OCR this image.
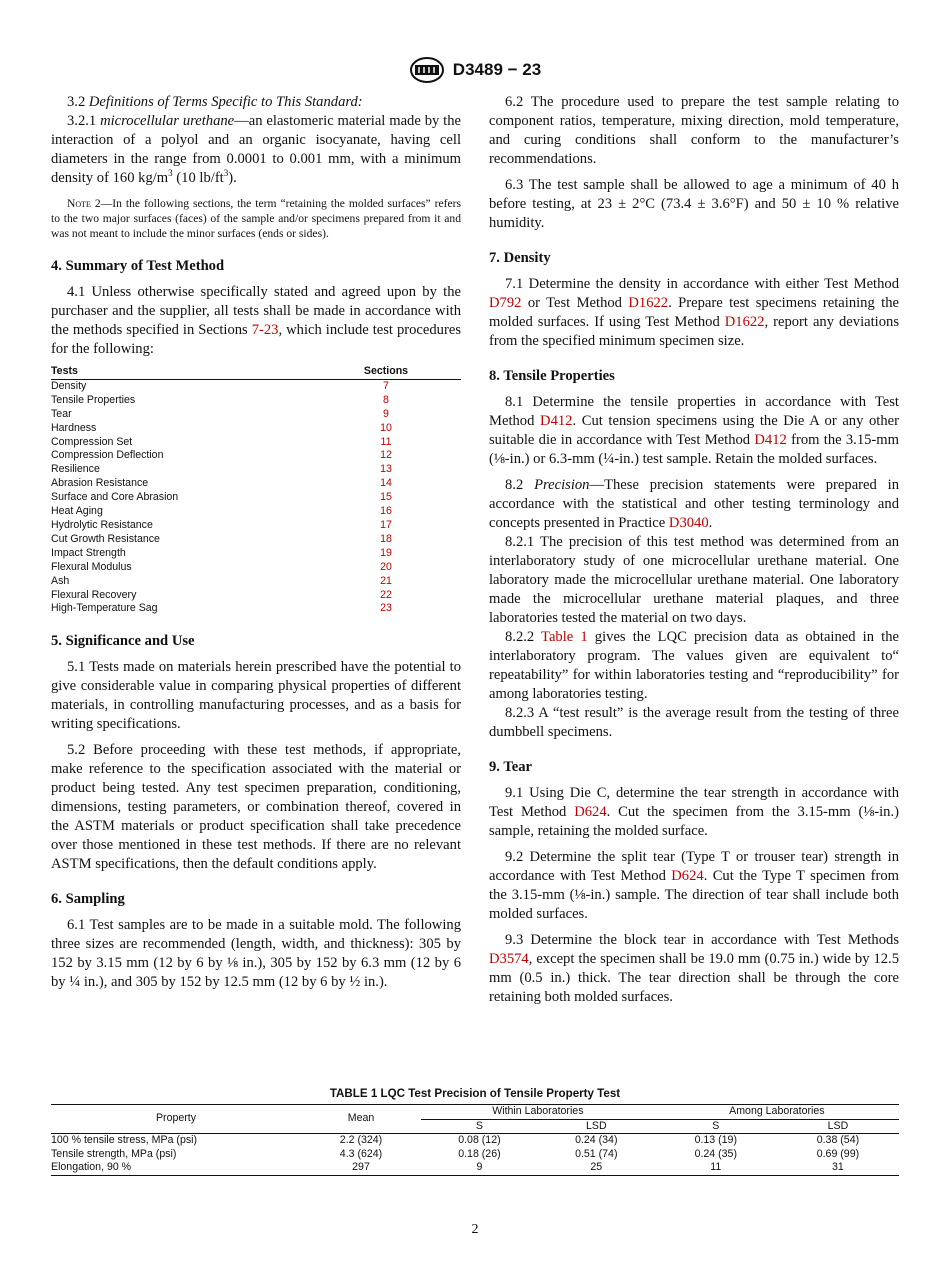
D3489 − 23

3.2 Definitions of Terms Specific to This Standard:

3.2.1 microcellular urethane—an elastomeric material made by the interaction of a polyol and an organic isocyanate, having cell diameters in the range from 0.0001 to 0.001 mm, with a minimum density of 160 $kg/m^3$ (10 $lb/ft^3$).

Note 2—In the following sections, the term “retaining the molded surfaces” refers to the two major surfaces (faces) of the sample and/or specimens prepared from it and was not meant to include the minor surfaces (ends or sides).

4. Summary of Test Method

4.1 Unless otherwise specifically stated and agreed upon by the purchaser and the supplier, all tests shall be made in accordance with the methods specified in Sections 7-23, which include test procedures for the following:

Tests	Sections
Density	7
Tensile Properties	8
Tear	9
Hardness	10
Compression Set	11
Compression Deflection	12
Resilience	13
Abrasion Resistance	14
Surface and Core Abrasion	15
Heat Aging	16
Hydrolytic Resistance	17
Cut Growth Resistance	18
Impact Strength	19
Flexural Modulus	20
Ash	21
Flexural Recovery	22
High-Temperature Sag	23
5. Significance and Use

5.1 Tests made on materials herein prescribed have the potential to give considerable value in comparing physical properties of different materials, in controlling manufacturing processes, and as a basis for writing specifications.

5.2 Before proceeding with these test methods, if appropriate, make reference to the specification associated with the material or product being tested. Any test specimen preparation, conditioning, dimensions, testing parameters, or combination thereof, covered in the ASTM materials or product specification shall take precedence over those mentioned in these test methods. If there are no relevant ASTM specifications, then the default conditions apply.

6. Sampling

6.1 Test samples are to be made in a suitable mold. The following three sizes are recommended (length, width, and thickness): 305 by 152 by 3.15 mm (12 by 6 by ⅛ in.), 305 by 152 by 6.3 mm (12 by 6 by ¼ in.), and 305 by 152 by 12.5 mm (12 by 6 by ½ in.).

6.2 The procedure used to prepare the test sample relating to component ratios, temperature, mixing direction, mold temperature, and curing conditions shall conform to the manufacturer’s recommendations.

6.3 The test sample shall be allowed to age a minimum of 40 h before testing, at 23 ± 2°C (73.4 ± 3.6°F) and 50 ± 10 % relative humidity.

7. Density

7.1 Determine the density in accordance with either Test Method D792 or Test Method D1622. Prepare test specimens retaining the molded surfaces. If using Test Method D1622, report any deviations from the specified minimum specimen size.

8. Tensile Properties

8.1 Determine the tensile properties in accordance with Test Method D412. Cut tension specimens using the Die A or any other suitable die in accordance with Test Method D412 from the 3.15-mm (⅛-in.) or 6.3-mm (¼-in.) test sample. Retain the molded surfaces.

8.2 Precision—These precision statements were prepared in accordance with the statistical and other testing terminology and concepts presented in Practice D3040.

8.2.1 The precision of this test method was determined from an interlaboratory study of one microcellular urethane material. One laboratory made the microcellular urethane material. One laboratory made the microcellular urethane material plaques, and three laboratories tested the material on two days.

8.2.2 Table 1 gives the LQC precision data as obtained in the interlaboratory program. The values given are equivalent to“ repeatability” for within laboratories testing and “reproducibility” for among laboratories testing.

8.2.3 A “test result” is the average result from the testing of three dumbbell specimens.

9. Tear

9.1 Using Die C, determine the tear strength in accordance with Test Method D624. Cut the specimen from the 3.15-mm (⅛-in.) sample, retaining the molded surface.

9.2 Determine the split tear (Type T or trouser tear) strength in accordance with Test Method D624. Cut the Type T specimen from the 3.15-mm (⅛-in.) sample. The direction of tear shall include both molded surfaces.

9.3 Determine the block tear in accordance with Test Methods D3574, except the specimen shall be 19.0 mm (0.75 in.) wide by 12.5 mm (0.5 in.) thick. The tear direction shall be through the core retaining both molded surfaces.

TABLE 1 LQC Test Precision of Tensile Property Test
Property	Mean	Within Laboratories		Among Laboratories	
		S	LSD	S	LSD
100 % tensile stress, MPa (psi)	2.2 (324)	0.08 (12)	0.24 (34)	0.13 (19)	0.38 (54)
Tensile strength, MPa (psi)	4.3 (624)	0.18 (26)	0.51 (74)	0.24 (35)	0.69 (99)
Elongation, 90 %	297	9	25	11	31
2
